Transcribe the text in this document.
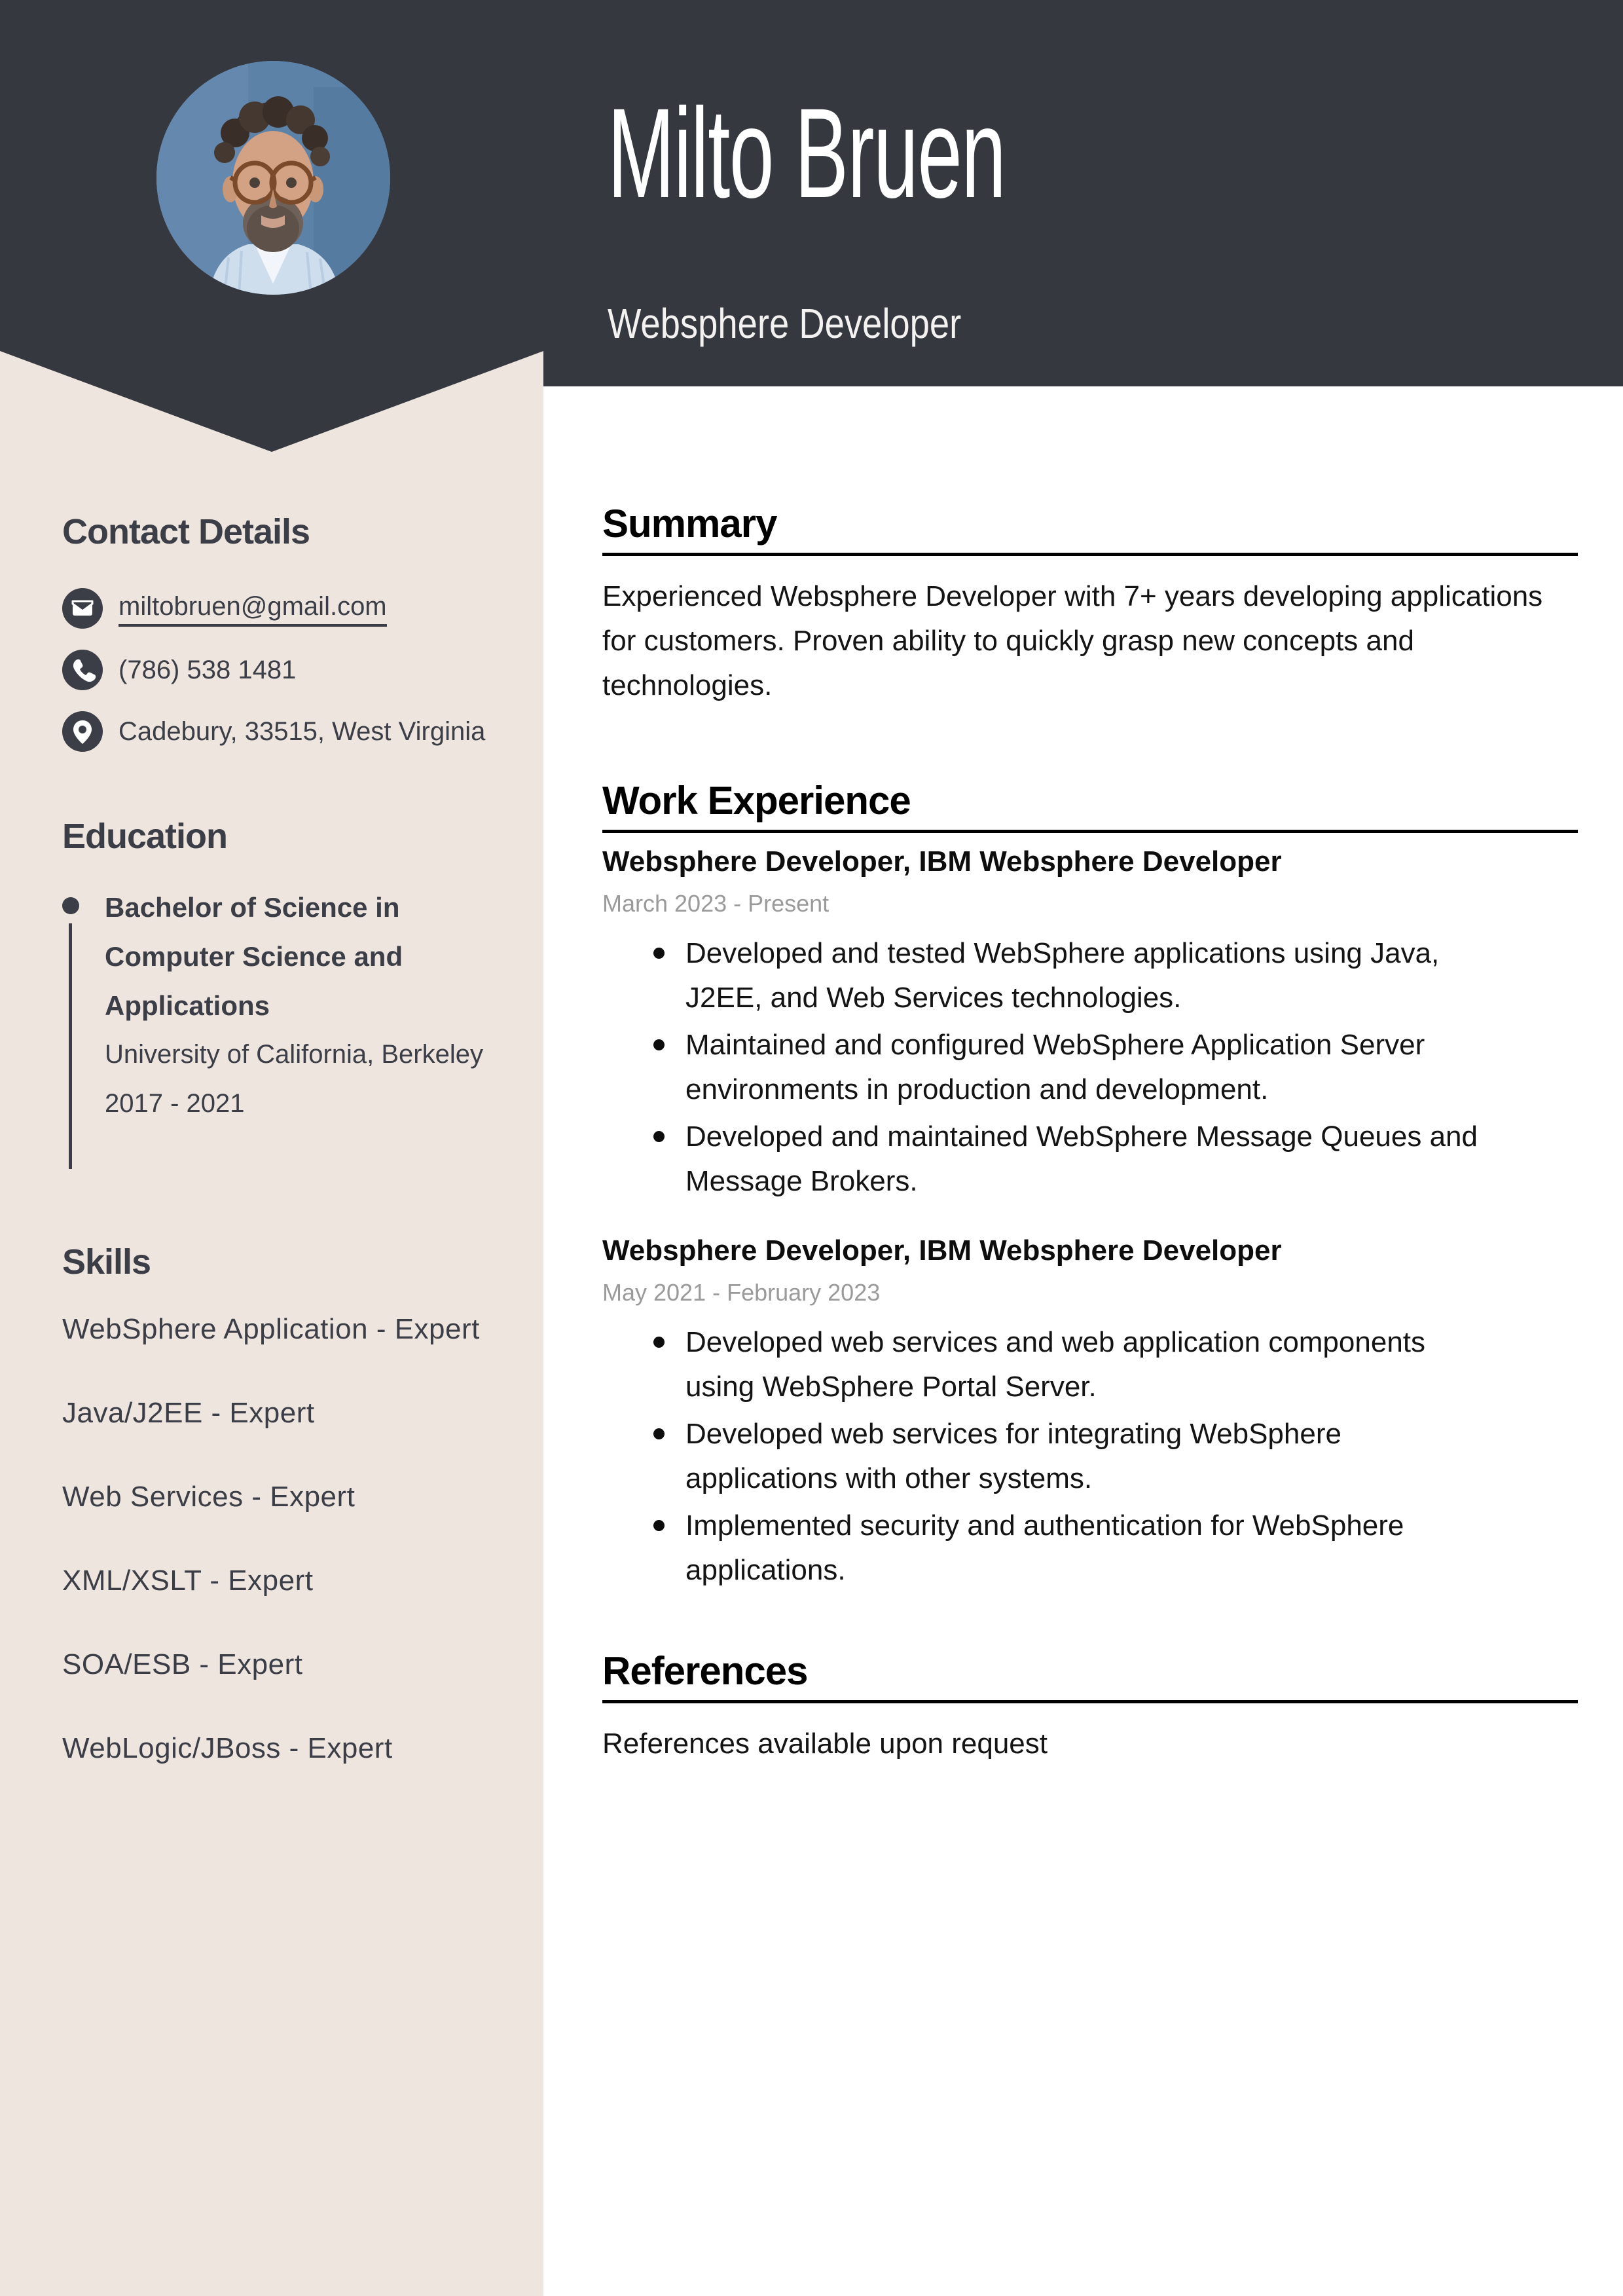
Milto Bruen
Websphere Developer
Contact Details
miltobruen@gmail.com
(786) 538 1481
Cadebury, 33515, West Virginia
Education
Bachelor of Science in Computer Science and Applications
University of California, Berkeley
2017 - 2021
Skills
WebSphere Application - Expert
Java/J2EE - Expert
Web Services - Expert
XML/XSLT - Expert
SOA/ESB - Expert
WebLogic/JBoss - Expert
Summary

Experienced Websphere Developer with 7+ years developing applications for customers. Proven ability to quickly grasp new concepts and technologies.

Work Experience
Websphere Developer, IBM Websphere Developer
March 2023 - Present
Developed and tested WebSphere applications using Java, J2EE, and Web Services technologies.
Maintained and configured WebSphere Application Server environments in production and development.
Developed and maintained WebSphere Message Queues and Message Brokers.
Websphere Developer, IBM Websphere Developer
May 2021 - February 2023
Developed web services and web application components using WebSphere Portal Server.
Developed web services for integrating WebSphere applications with other systems.
Implemented security and authentication for WebSphere applications.
References

References available upon request
